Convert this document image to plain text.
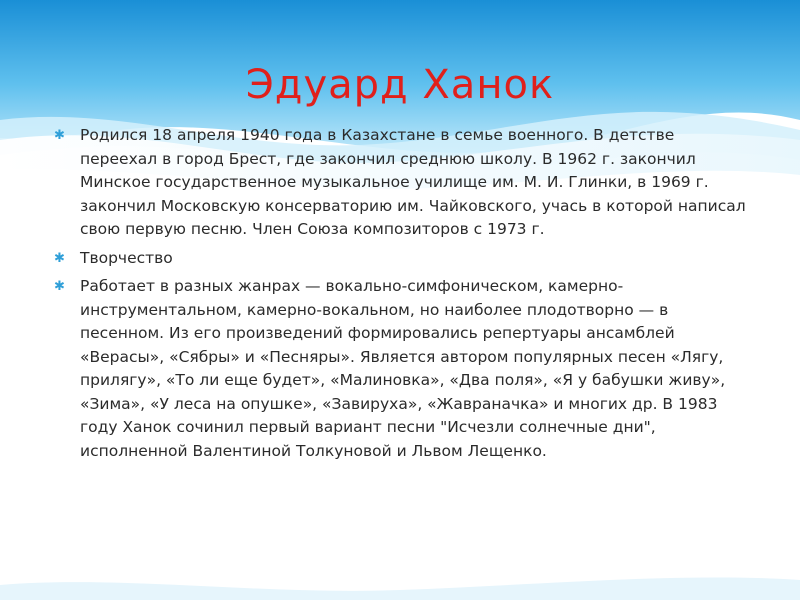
Эдуард Ханок
✱ Родился 18 апреля 1940 года в Казахстане в семье военного. В детстве переехал в город Брест, где закончил среднюю школу. В 1962 г. закончил Минское государственное музыкальное училище им. М. И. Глинки, в 1969 г. закончил Московскую консерваторию им. Чайковского, учась в которой написал свою первую песню. Член Союза композиторов с 1973 г.
✱ Творчество
✱ Работает в разных жанрах — вокально-симфоническом, камерно-инструментальном, камерно-вокальном, но наиболее плодотворно — в песенном. Из его произведений формировались репертуары ансамблей «Верасы», «Сябры» и «Песняры». Является автором популярных песен «Лягу, прилягу», «То ли еще будет», «Малиновка», «Два поля», «Я у бабушки живу», «Зима», «У леса на опушке», «Завируха», «Жавраначка» и многих др. В 1983 году Ханок сочинил первый вариант песни "Исчезли солнечные дни", исполненной Валентиной Толкуновой и Львом Лещенко.
